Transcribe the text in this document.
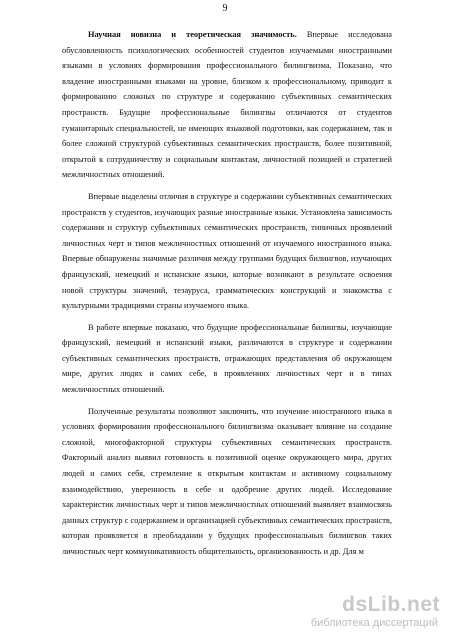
9

Научная новизна и теоретическая значимость. Впервые исследована обусловленность психологических особенностей студентов изучаемыми иностранными языками в условиях формирования профессионального билингвизма. Показано, что владение иностранными языками на уровне, близком к профессиональному, приводит к формированию сложных по структуре и содержанию субъективных семантических пространств. Будущие профессиональные билингвы отличаются от студентов гуманитарных специальностей, не имеющих языковой подготовки, как содержанием, так и более сложной структурой субъективных семантических пространств, более позитивной, открытой к сотрудничеству и социальным контактам, личностной позицией и стратегией межличностных отношений.

Впервые выделены отличия в структуре и содержании субъективных семантических пространств у студентов, изучающих разные иностранные языки. Установлена зависимость содержания и структур субъективных семантических пространств, типичных проявлений личностных черт и типов межличностных отношений от изучаемого иностранного языка. Впервые обнаружены значимые различия между группами будущих билингвов, изучающих французский, немецкий и испанские языки, которые возникают в результате освоения новой структуры значений, тезауруса, грамматических конструкций и знакомства с культурными традициями страны изучаемого языка.

В работе впервые показано, что будущие профессиональные билингвы, изучающие французский, немецкий и испанский языки, различаются в структуре и содержании субъективных семантических пространств, отражающих представления об окружающем мире, других людях и самих себе, в проявлениях личностных черт и в типах межличностных отношений.

Полученные результаты позволяют заключить, что изучение иностранного языка в условиях формирования профессионального билингвизма оказывает влияние на создание сложной, многофакторной структуры субъективных семантических пространств. Факторный анализ выявил готовность к позитивной оценке окружающего мира, других людей и самих себя, стремление к открытым контактам и активному социальному взаимодействию, уверенность в себе и одобрение других людей. Исследование характеристик личностных черт и типов межличностных отношений выявляет взаимосвязь данных структур с содержанием и организацией субъективных семантических пространств, которая проявляется в преобладании у будущих профессиональных билингвов таких личностных черт коммуникативность общительность, организованность и др. Для м

dsLib.net
библиотека диссертаций
